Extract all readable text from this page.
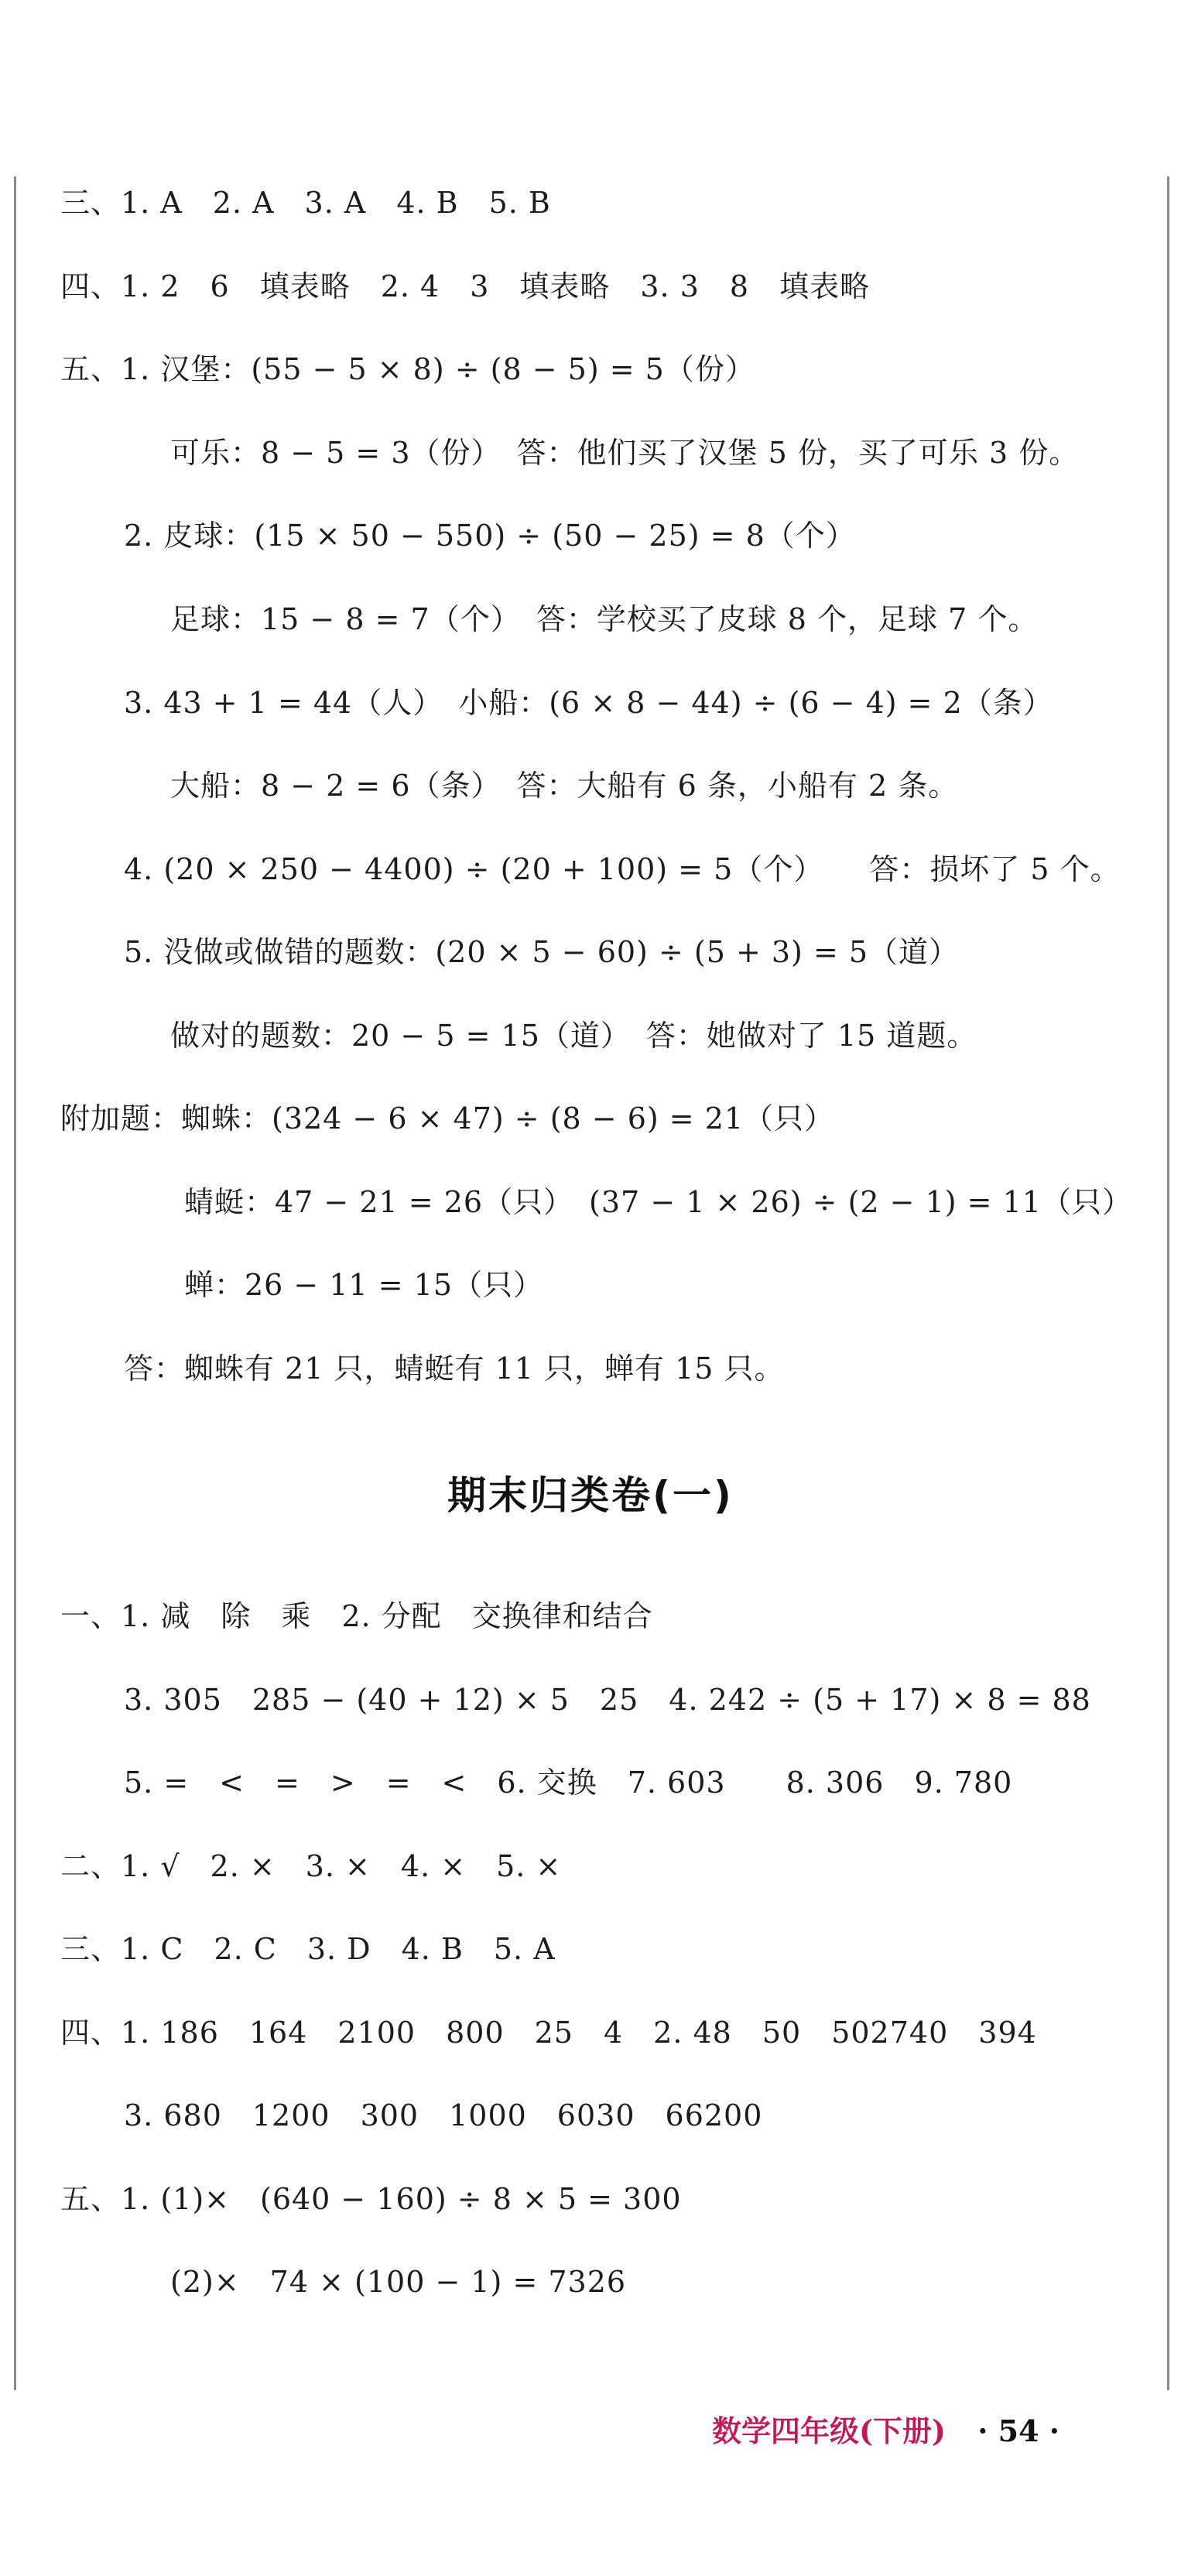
三、1. A　2. A　3. A　4. B　5. B
四、1. 2　6　填表略　2. 4　3　填表略　3. 3　8　填表略
五、1. 汉堡：(55 − 5 × 8) ÷ (8 − 5) = 5（份）
可乐：8 − 5 = 3（份）　答：他们买了汉堡 5 份，买了可乐 3 份。
2. 皮球：(15 × 50 − 550) ÷ (50 − 25) = 8（个）
足球：15 − 8 = 7（个）　答：学校买了皮球 8 个，足球 7 个。
3. 43 + 1 = 44（人）　小船：(6 × 8 − 44) ÷ (6 − 4) = 2（条）
大船：8 − 2 = 6（条）　答：大船有 6 条，小船有 2 条。
4. (20 × 250 − 4400) ÷ (20 + 100) = 5（个）　　答：损坏了 5 个。
5. 没做或做错的题数：(20 × 5 − 60) ÷ (5 + 3) = 5（道）
做对的题数：20 − 5 = 15（道）　答：她做对了 15 道题。
附加题：蜘蛛：(324 − 6 × 47) ÷ (8 − 6) = 21（只）
蜻蜓：47 − 21 = 26（只）　(37 − 1 × 26) ÷ (2 − 1) = 11（只）
蝉：26 − 11 = 15（只）
答：蜘蛛有 21 只，蜻蜓有 11 只，蝉有 15 只。
期末归类卷(一)
一、1. 减　除　乘　2. 分配　交换律和结合
3. 305　285 − (40 + 12) × 5　25　4. 242 ÷ (5 + 17) × 8 = 88
5. =　<　=　>　=　<　6. 交换　7. 603　　8. 306　9. 780
二、1. √　2. ×　3. ×　4. ×　5. ×
三、1. C　2. C　3. D　4. B　5. A
四、1. 186　164　2100　800　25　4　2. 48　50　502740　394
3. 680　1200　300　1000　6030　66200
五、1. (1)×　(640 − 160) ÷ 8 × 5 = 300
(2)×　74 × (100 − 1) = 7326
数学四年级(下册) · 54 ·
